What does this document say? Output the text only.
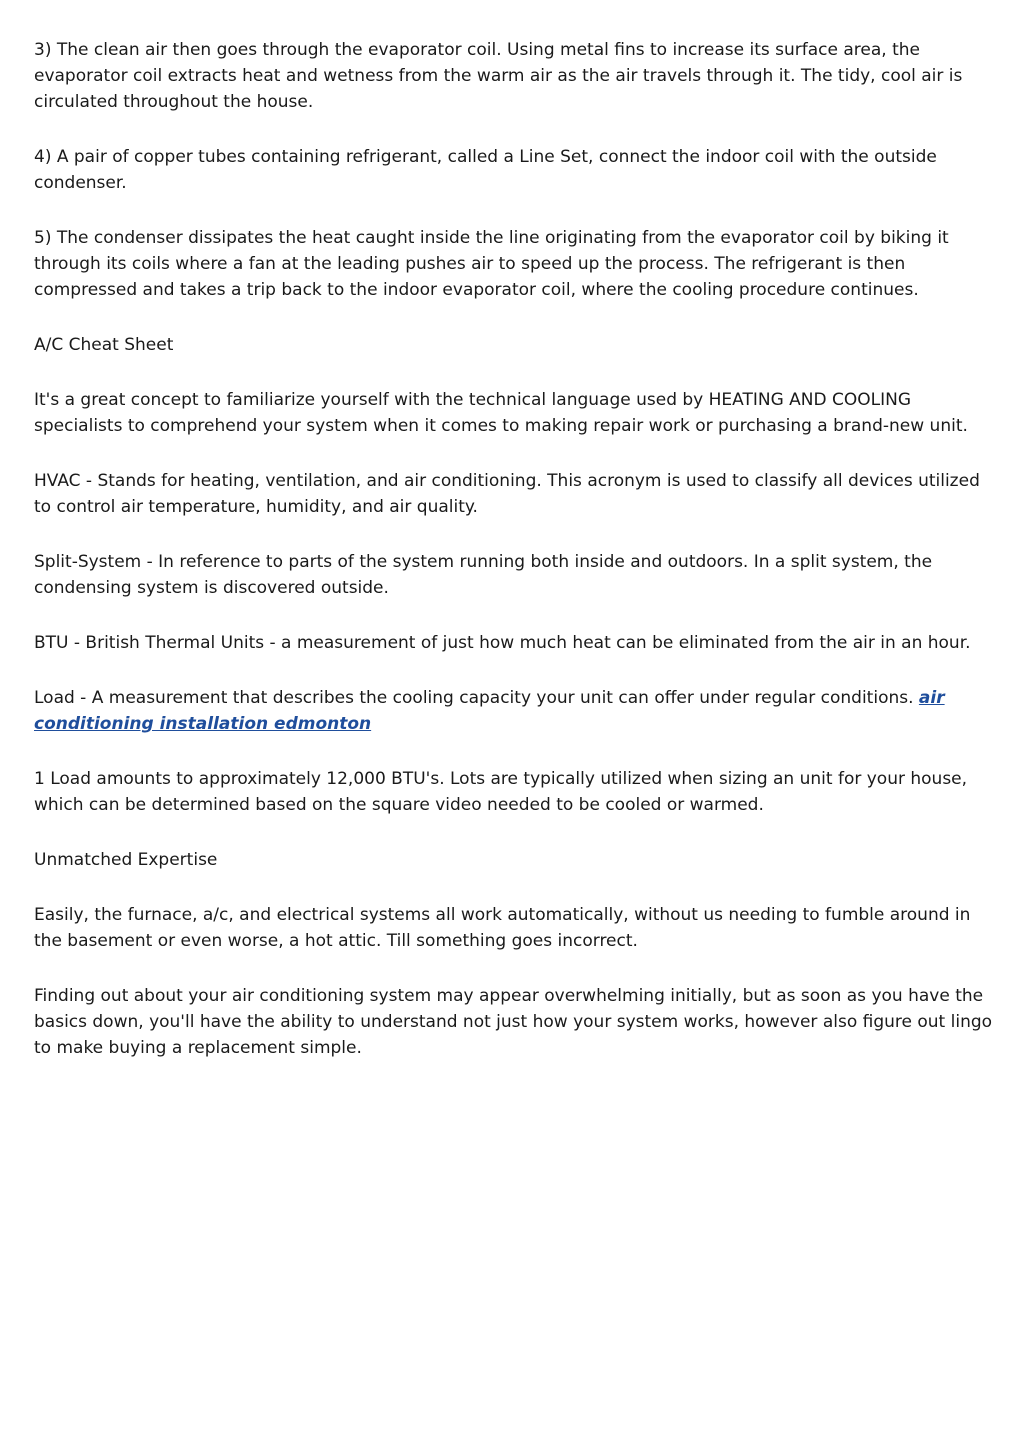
3) The clean air then goes through the evaporator coil. Using metal fins to increase its surface area, the evaporator coil extracts heat and wetness from the warm air as the air travels through it. The tidy, cool air is circulated throughout the house.

4) A pair of copper tubes containing refrigerant, called a Line Set, connect the indoor coil with the outside condenser.

5) The condenser dissipates the heat caught inside the line originating from the evaporator coil by biking it through its coils where a fan at the leading pushes air to speed up the process. The refrigerant is then compressed and takes a trip back to the indoor evaporator coil, where the cooling procedure continues.

A/C Cheat Sheet

It's a great concept to familiarize yourself with the technical language used by HEATING AND COOLING specialists to comprehend your system when it comes to making repair work or purchasing a brand-new unit.

HVAC - Stands for heating, ventilation, and air conditioning. This acronym is used to classify all devices utilized to control air temperature, humidity, and air quality.

Split-System - In reference to parts of the system running both inside and outdoors. In a split system, the condensing system is discovered outside.

BTU - British Thermal Units - a measurement of just how much heat can be eliminated from the air in an hour.

Load - A measurement that describes the cooling capacity your unit can offer under regular conditions. air conditioning installation edmonton

1 Load amounts to approximately 12,000 BTU's. Lots are typically utilized when sizing an unit for your house, which can be determined based on the square video needed to be cooled or warmed.

Unmatched Expertise

Easily, the furnace, a/c, and electrical systems all work automatically, without us needing to fumble around in the basement or even worse, a hot attic. Till something goes incorrect.

Finding out about your air conditioning system may appear overwhelming initially, but as soon as you have the basics down, you'll have the ability to understand not just how your system works, however also figure out lingo to make buying a replacement simple.
